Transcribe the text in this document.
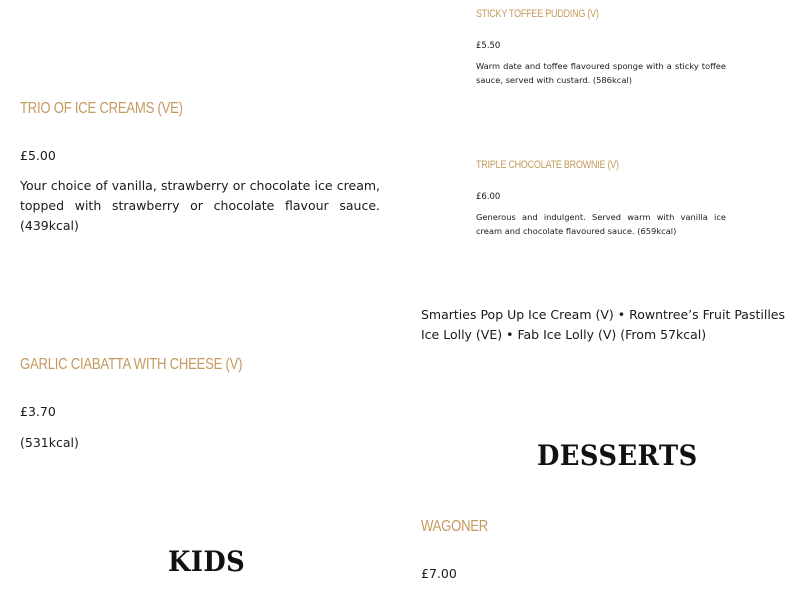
STICKY TOFFEE PUDDING (V)

£5.50

Warm date and toffee flavoured sponge with a sticky toffee sauce, served with custard. (586kcal)

TRIPLE CHOCOLATE BROWNIE (V)

£6.00

Generous and indulgent. Served warm with vanilla ice cream and chocolate flavoured sauce. (659kcal)

TRIO OF ICE CREAMS (VE)

£5.00

Your choice of vanilla, strawberry or chocolate ice cream, topped with strawberry or chocolate flavour sauce. (439kcal)

Smarties Pop Up Ice Cream (V) • Rowntree’s Fruit Pastilles Ice Lolly (VE) • Fab Ice Lolly (V) (From 57kcal)

GARLIC CIABATTA WITH CHEESE (V)

£3.70

(531kcal)	DESSERTS
WAGONER

£7.00

KIDS
